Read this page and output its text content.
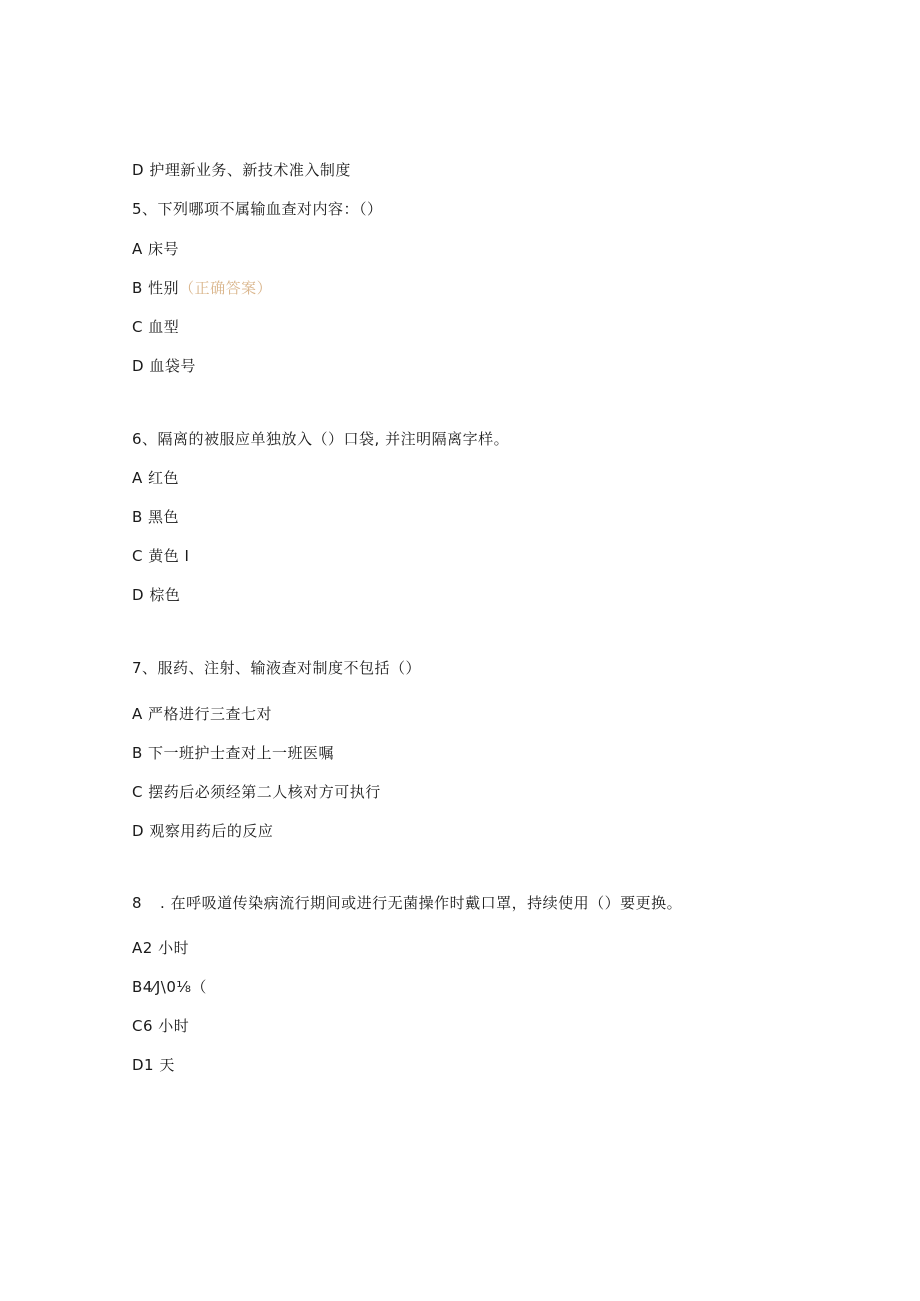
D 护理新业务、新技术准入制度
5、下列哪项不属输血查对内容：（）
A 床号
B 性别（正确答案）
C 血型
D 血袋号
6、隔离的被服应单独放入（）口袋, 并注明隔离字样。
A 红色
B 黑色
C 黄色 I
D 棕色
7、服药、注射、输液查对制度不包括（）
A 严格进行三查七对
B 下一班护士查对上一班医嘱
C 摆药后必须经第二人核对方可执行
D 观察用药后的反应
8 . 在呼吸道传染病流行期间或进行无菌操作时戴口罩，持续使用（）要更换。
A2 小时
B4⁄J\0⅛（
C6 小时
D1 天
